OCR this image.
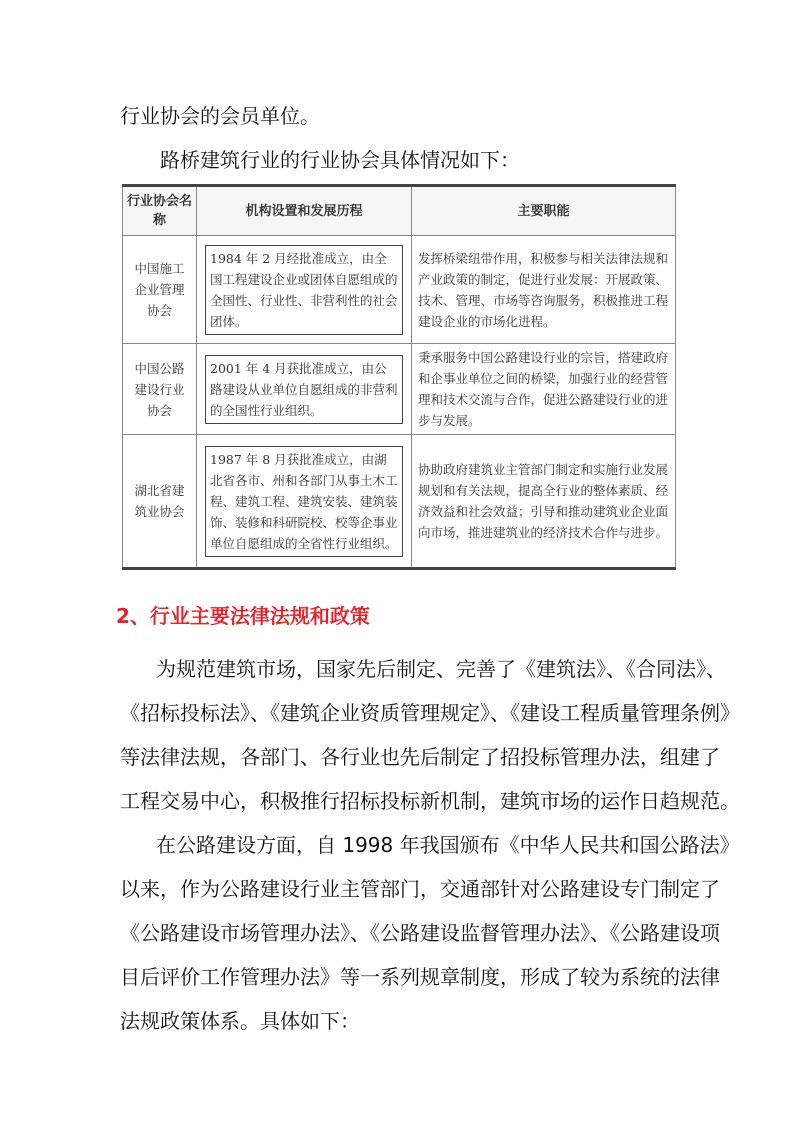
行业协会的会员单位。
路桥建筑行业的行业协会具体情况如下：
行业协会名称	机构设置和发展历程	主要职能
中国施工企业管理协会	1984 年 2 月经批准成立，由全国工程建设企业或团体自愿组成的全国性、行业性、非营利性的社会团体。	发挥桥梁纽带作用，积极参与相关法律法规和产业政策的制定，促进行业发展：开展政策、技术、管理、市场等咨询服务，积极推进工程建设企业的市场化进程。
中国公路建设行业协会	2001 年 4 月获批准成立，由公路建设从业单位自愿组成的非营利的全国性行业组织。	秉承服务中国公路建设行业的宗旨，搭建政府和企事业单位之间的桥梁，加强行业的经营管理和技术交流与合作，促进公路建设行业的进步与发展。
湖北省建筑业协会	1987 年 8 月获批准成立，由湖北省各市、州和各部门从事土木工程、建筑工程、建筑安装、建筑装饰、装修和科研院校、校等企事业单位自愿组成的全省性行业组织。	协助政府建筑业主管部门制定和实施行业发展规划和有关法规，提高全行业的整体素质、经济效益和社会效益；引导和推动建筑业企业面向市场，推进建筑业的经济技术合作与进步。
2、行业主要法律法规和政策
为规范建筑市场，国家先后制定、完善了《建筑法》、《合同法》、
《招标投标法》、《建筑企业资质管理规定》、《建设工程质量管理条例》
等法律法规，各部门、各行业也先后制定了招投标管理办法，组建了
工程交易中心，积极推行招标投标新机制，建筑市场的运作日趋规范。
在公路建设方面，自 1998 年我国颁布《中华人民共和国公路法》
以来，作为公路建设行业主管部门，交通部针对公路建设专门制定了
《公路建设市场管理办法》、《公路建设监督管理办法》、《公路建设项
目后评价工作管理办法》等一系列规章制度，形成了较为系统的法律
法规政策体系。具体如下：
